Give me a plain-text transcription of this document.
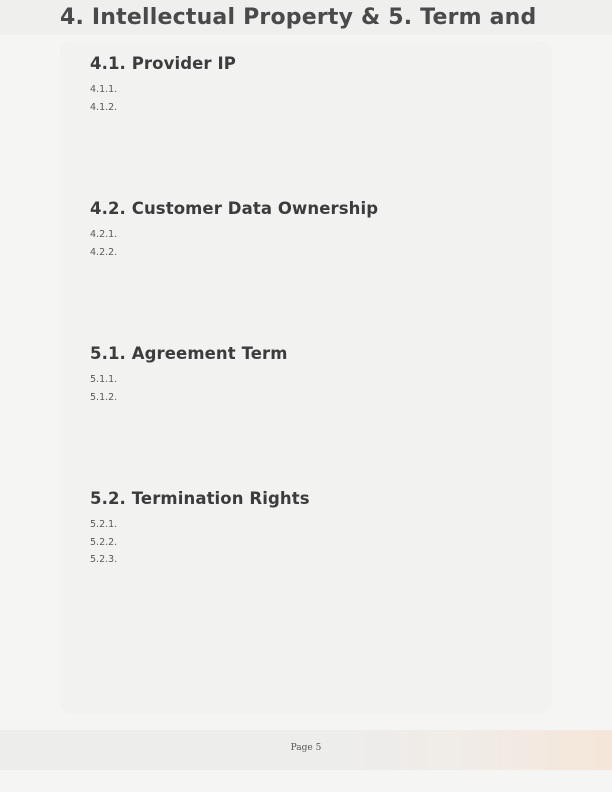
4. Intellectual Property & 5. Term and
4.1. Provider IP
4.1.1.
4.1.2.
4.2. Customer Data Ownership
4.2.1.
4.2.2.
5.1. Agreement Term
5.1.1.
5.1.2.
5.2. Termination Rights
5.2.1.
5.2.2.
5.2.3.
Page 5
